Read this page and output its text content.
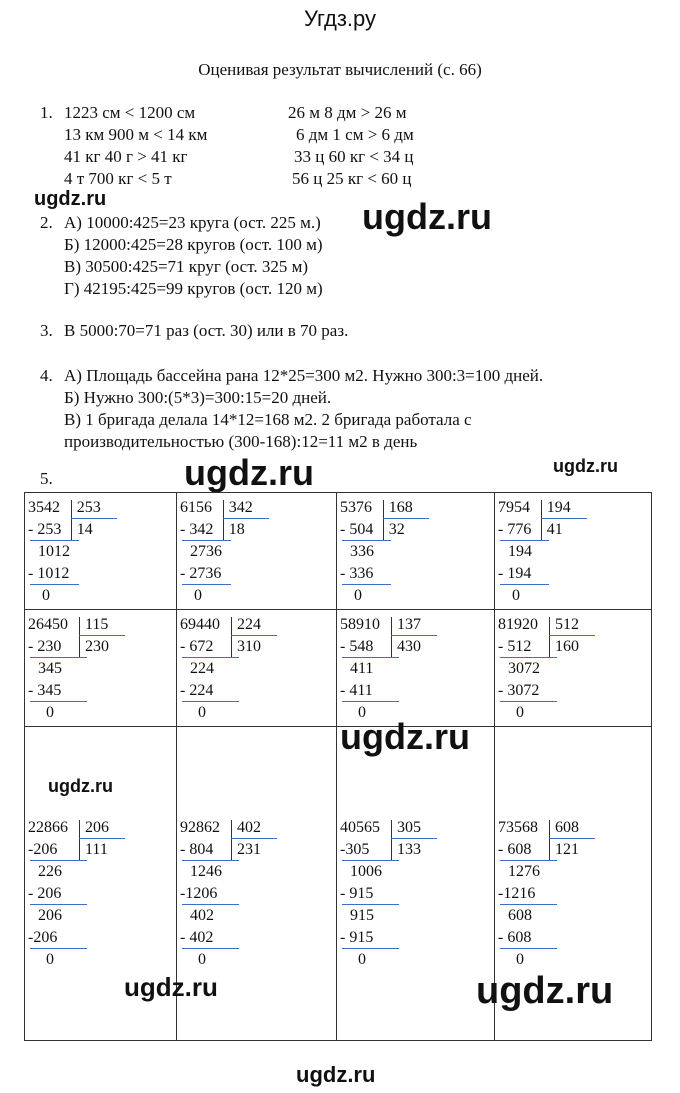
Угдз.ру
Оценивая результат вычислений (с. 66)
1. 1223 см < 1200 см
13 км 900 м < 14 км
41 кг 40 г > 41 кг
4 т 700 кг < 5 т
26 м 8 дм > 26 м
6 дм 1 см > 6 дм
33 ц 60 кг < 34 ц
56 ц 25 кг < 60 ц
ugdz.ru
2. А) 10000:425=23 круга (ост. 225 м.)
Б) 12000:425=28 кругов (ост. 100 м)
В) 30500:425=71 круг (ост. 325 м)
Г) 42195:425=99 кругов (ост. 120 м)
ugdz.ru
3. В 5000:70=71 раз (ост. 30) или в 70 раз.
4. А) Площадь бассейна рана 12*25=300 м2. Нужно 300:3=100 дней.
Б) Нужно 300:(5*3)=300:15=20 дней.
В) 1 бригада делала 14*12=168 м2. 2 бригада работала с
производительностью (300-168):12=11 м2 в день
5.	ugdz.ru	ugdz.ru
3542 253
14
- 253
1012
- 1012
0
6156 342
18
- 342
2736
- 2736
0
5376 168
32
- 504
336
- 336
0
7954 194
41
- 776
194
- 194
0
26450 115
230
- 230
345
- 345
0
69440 224
310
- 672
224
- 224
0
58910 137
430
- 548
411
- 411
0
81920 512
160
- 512
3072
- 3072
0
22866 206
111
-206
226
- 206
206
-206
0
92862 402
231
- 804
1246
-1206
402
- 402
0
40565 305
133
-305
1006
- 915
915
- 915
0
73568 608
121
- 608
1276
-1216
608
- 608
0
ugdz.ru
ugdz.ru
ugdz.ru	ugdz.ru
ugdz.ru
